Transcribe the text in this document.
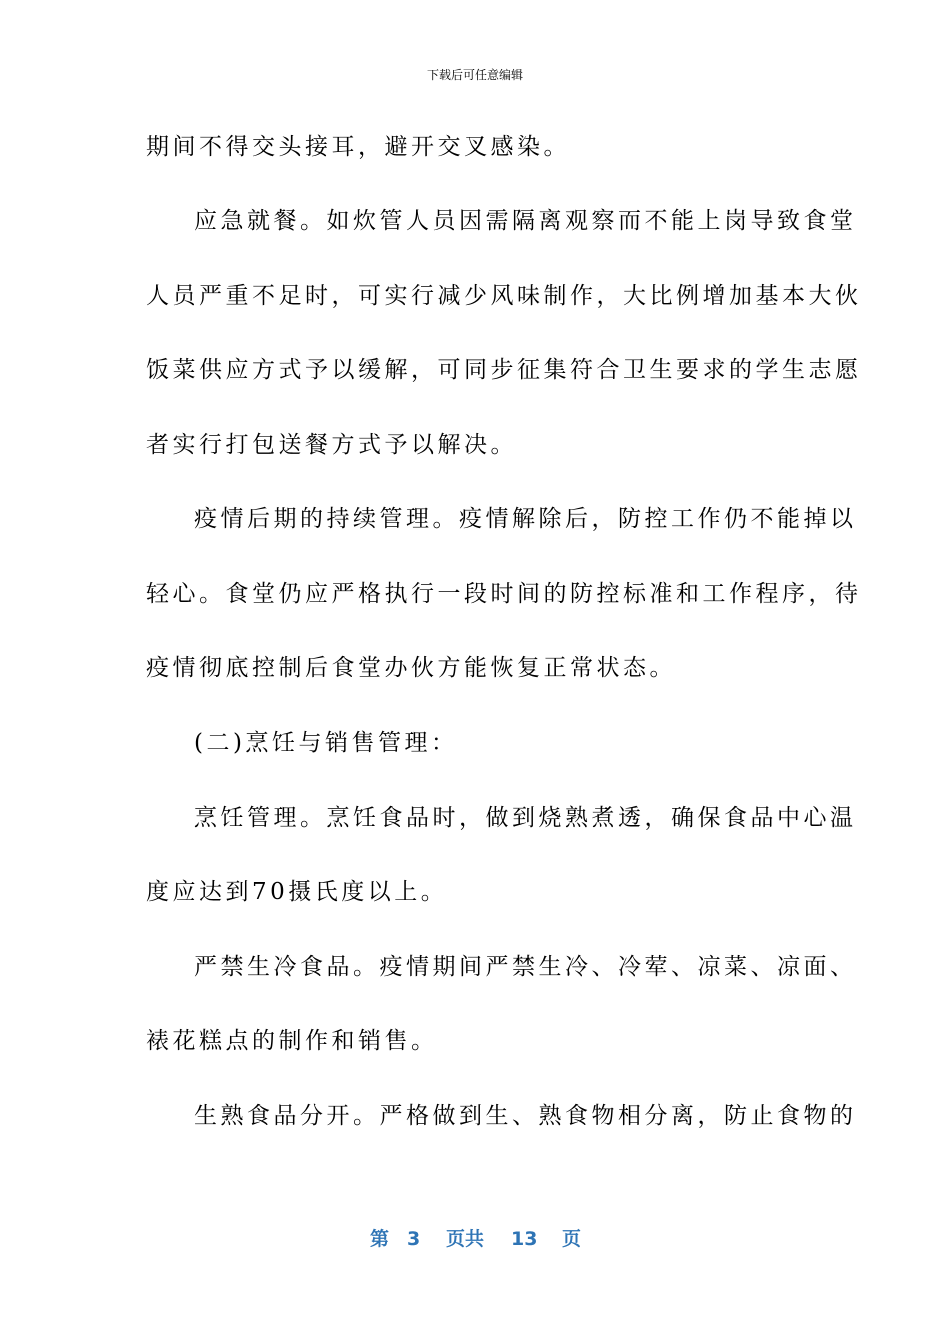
下载后可任意编辑
期间不得交头接耳，避开交叉感染。
应急就餐。如炊管人员因需隔离观察而不能上岗导致食堂
人员严重不足时，可实行减少风味制作，大比例增加基本大伙
饭菜供应方式予以缓解，可同步征集符合卫生要求的学生志愿
者实行打包送餐方式予以解决。
疫情后期的持续管理。疫情解除后，防控工作仍不能掉以
轻心。食堂仍应严格执行一段时间的防控标准和工作程序，待
疫情彻底控制后食堂办伙方能恢复正常状态。
(二)烹饪与销售管理：
烹饪管理。烹饪食品时，做到烧熟煮透，确保食品中心温
度应达到70摄氏度以上。
严禁生冷食品。疫情期间严禁生冷、冷荤、凉菜、凉面、
裱花糕点的制作和销售。
生熟食品分开。严格做到生、熟食物相分离，防止食物的
第 3 页共 13 页
